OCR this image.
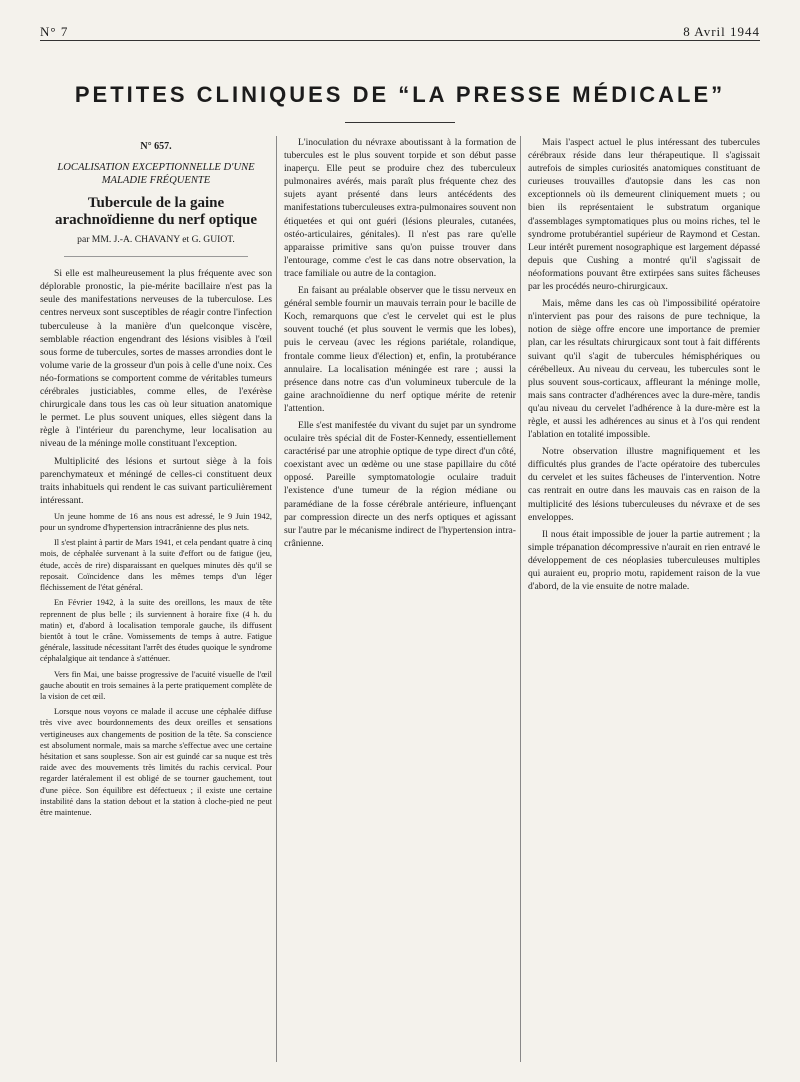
N° 7	8 Avril 1944
PETITES CLINIQUES DE “LA PRESSE MÉDICALE”
N° 657.
LOCALISATION EXCEPTIONNELLE D'UNE MALADIE FRÉQUENTE
Tubercule de la gaine arachnoïdienne du nerf optique
par MM. J.-A. CHAVANY et G. GUIOT.

Si elle est malheureusement la plus fréquente avec son déplorable pronostic, la pie-mérite bacillaire n'est pas la seule des manifestations nerveuses de la tuberculose. Les centres nerveux sont susceptibles de réagir contre l'infection tuberculeuse à la manière d'un quelconque viscère, semblable réaction engendrant des lésions visibles à l'œil sous forme de tubercules, sortes de masses arrondies dont le volume varie de la grosseur d'un pois à celle d'une noix. Ces néo-formations se comportent comme de véritables tumeurs cérébrales justiciables, comme elles, de l'exérèse chirurgicale dans tous les cas où leur situation anatomique le permet. Le plus souvent uniques, elles siègent dans la règle à l'intérieur du parenchyme, leur localisation au niveau de la méninge molle constituant l'exception.

Multiplicité des lésions et surtout siège à la fois parenchymateux et méningé de celles-ci constituent deux traits inhabituels qui rendent le cas suivant particulièrement intéressant.

Un jeune homme de 16 ans nous est adressé, le 9 Juin 1942, pour un syndrome d'hypertension intracrânienne des plus nets.

Il s'est plaint à partir de Mars 1941, et cela pendant quatre à cinq mois, de céphalée survenant à la suite d'effort ou de fatigue (jeu, étude, accès de rire) disparaissant en quelques minutes dès qu'il se reposait. Coïncidence dans les mêmes temps d'un léger fléchissement de l'état général.

En Février 1942, à la suite des oreillons, les maux de tête reprennent de plus belle ; ils surviennent à horaire fixe (4 h. du matin) et, d'abord à localisation temporale gauche, ils diffusent bientôt à tout le crâne. Vomissements de temps à autre. Fatigue générale, lassitude nécessitant l'arrêt des études quoique le syndrome céphalalgique ait tendance à s'atténuer.

Vers fin Mai, une baisse progressive de l'acuité visuelle de l'œil gauche aboutit en trois semaines à la perte pratiquement complète de la vision de cet œil.

Lorsque nous voyons ce malade il accuse une céphalée diffuse très vive avec bourdonnements des deux oreilles et sensations vertigineuses aux changements de position de la tête. Sa conscience est absolument normale, mais sa marche s'effectue avec une certaine hésitation et sans souplesse. Son air est guindé car sa nuque est très raide avec des mouvements très limités du rachis cervical. Pour regarder latéralement il est obligé de se tourner gauchement, tout d'une pièce. Son équilibre est défectueux ; il existe une certaine instabilité dans la station debout et la station à cloche-pied ne peut être maintenue.

L'inoculation du névraxe aboutissant à la formation de tubercules est le plus souvent torpide et son début passe inaperçu. Elle peut se produire chez des tuberculeux pulmonaires avérés, mais paraît plus fréquente chez des sujets ayant présenté dans leurs antécédents des manifestations tuberculeuses extra-pulmonaires souvent non étiquetées et qui ont guéri (lésions pleurales, cutanées, ostéo-articulaires, génitales). Il n'est pas rare qu'elle apparaisse primitive sans qu'on puisse trouver dans l'entourage, comme c'est le cas dans notre observation, la trace familiale ou autre de la contagion.

En faisant au préalable observer que le tissu nerveux en général semble fournir un mauvais terrain pour le bacille de Koch, remarquons que c'est le cervelet qui est le plus souvent touché (et plus souvent le vermis que les lobes), puis le cerveau (avec les régions pariétale, rolandique, frontale comme lieux d'élection) et, enfin, la protubérance annulaire. La localisation méningée est rare ; aussi la présence dans notre cas d'un volumineux tubercule de la gaine arachnoïdienne du nerf optique mérite de retenir l'attention.

Elle s'est manifestée du vivant du sujet par un syndrome oculaire très spécial dit de Foster-Kennedy, essentiellement caractérisé par une atrophie optique de type direct d'un côté, coexistant avec un œdème ou une stase papillaire du côté opposé. Pareille symptomatologie oculaire traduit l'existence d'une tumeur de la région médiane ou paramédiane de la fosse cérébrale antérieure, influençant par compression directe un des nerfs optiques et agissant sur l'autre par le mécanisme indirect de l'hypertension intra-crânienne.

Mais l'aspect actuel le plus intéressant des tubercules cérébraux réside dans leur thérapeutique. Il s'agissait autrefois de simples curiosités anatomiques constituant de curieuses trouvailles d'autopsie dans les cas non exceptionnels où ils demeurent cliniquement muets ; ou bien ils représentaient le substratum organique d'assemblages symptomatiques plus ou moins riches, tel le syndrome protubérantiel supérieur de Raymond et Cestan. Leur intérêt purement nosographique est largement dépassé depuis que Cushing a montré qu'il s'agissait de néoformations pouvant être extirpées sans suites fâcheuses par les procédés neuro-chirurgicaux.

Mais, même dans les cas où l'impossibilité opératoire n'intervient pas pour des raisons de pure technique, la notion de siège offre encore une importance de premier plan, car les résultats chirurgicaux sont tout à fait différents suivant qu'il s'agit de tubercules hémisphériques ou cérébelleux. Au niveau du cerveau, les tubercules sont le plus souvent sous-corticaux, affleurant la méninge molle, mais sans contracter d'adhérences avec la dure-mère, tandis qu'au niveau du cervelet l'adhérence à la dure-mère est la règle, et aussi les adhérences au sinus et à l'os qui rendent l'ablation en totalité impossible.

Notre observation illustre magnifiquement et les difficultés plus grandes de l'acte opératoire des tubercules du cervelet et les suites fâcheuses de l'intervention. Notre cas rentrait en outre dans les mauvais cas en raison de la multiplicité des lésions tuberculeuses du névraxe et de ses enveloppes.

Il nous était impossible de jouer la partie autrement ; la simple trépanation décompressive n'aurait en rien entravé le développement de ces néoplasies tuberculeuses multiples qui auraient eu, proprio motu, rapidement raison de la vue d'abord, de la vie ensuite de notre malade.
